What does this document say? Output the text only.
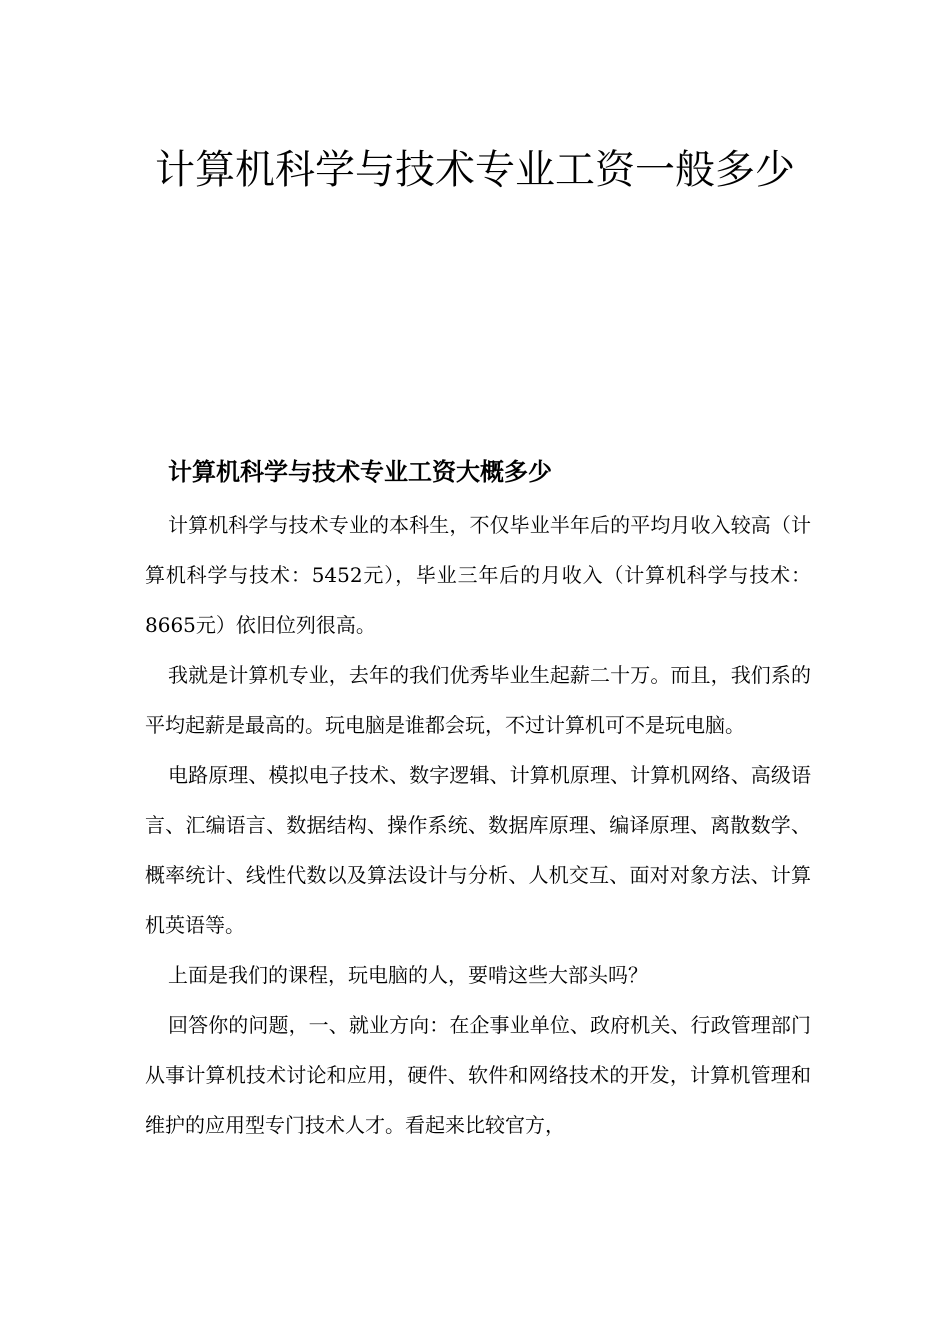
计算机科学与技术专业工资一般多少
计算机科学与技术专业工资大概多少

计算机科学与技术专业的本科生，不仅毕业半年后的平均月收入较高（计算机科学与技术：5452元），毕业三年后的月收入（计算机科学与技术：8665元）依旧位列很高。

我就是计算机专业，去年的我们优秀毕业生起薪二十万。而且，我们系的平均起薪是最高的。玩电脑是谁都会玩，不过计算机可不是玩电脑。

电路原理、模拟电子技术、数字逻辑、计算机原理、计算机网络、高级语言、汇编语言、数据结构、操作系统、数据库原理、编译原理、离散数学、概率统计、线性代数以及算法设计与分析、人机交互、面对对象方法、计算机英语等。

上面是我们的课程，玩电脑的人，要啃这些大部头吗？

回答你的问题，一、就业方向：在企事业单位、政府机关、行政管理部门从事计算机技术讨论和应用，硬件、软件和网络技术的开发，计算机管理和维护的应用型专门技术人才。看起来比较官方，
